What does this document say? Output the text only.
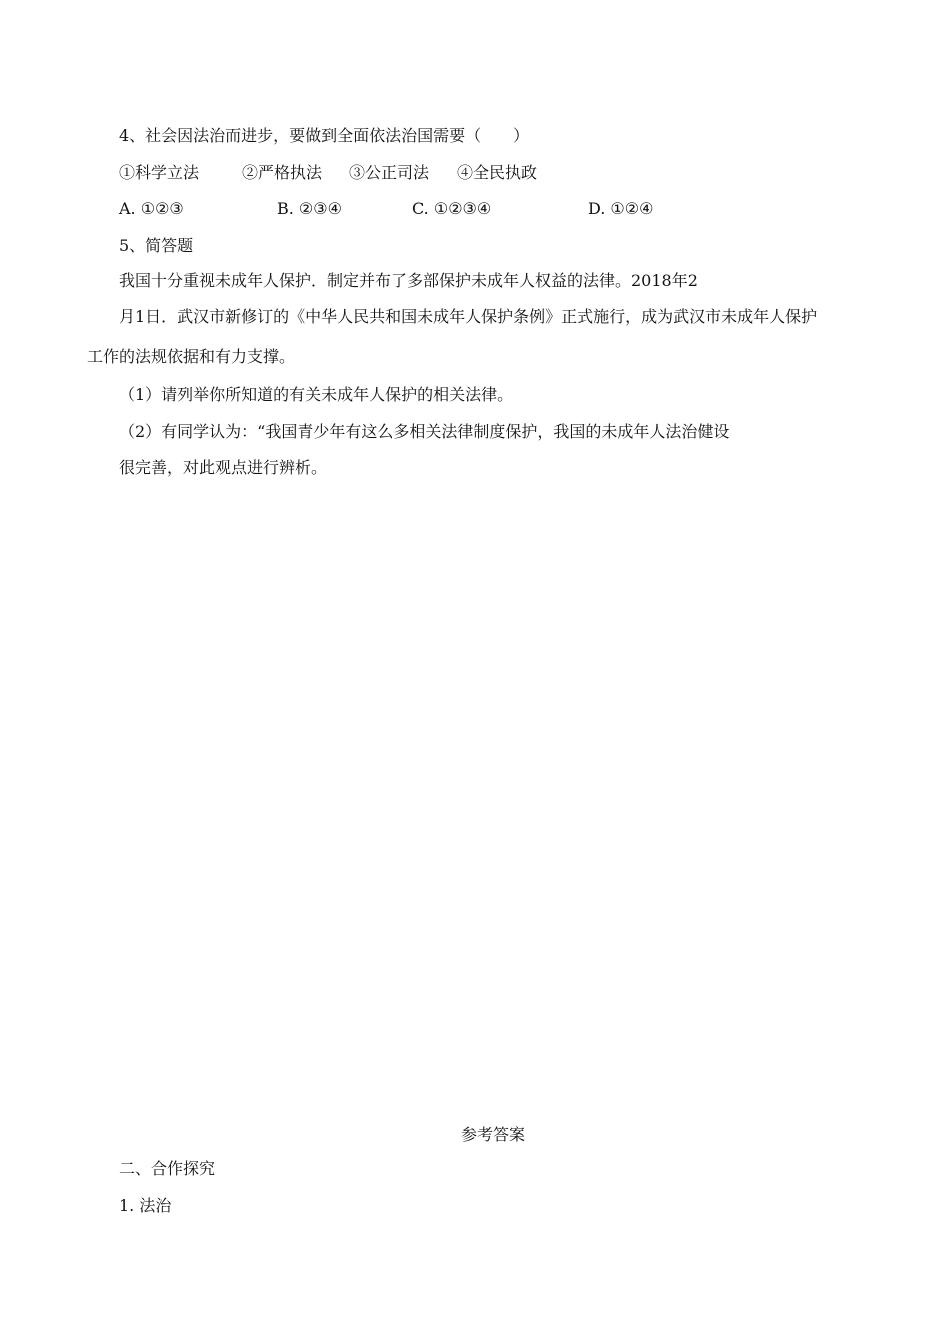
4、社会因法治而进步，要做到全面依法治国需要（　　）
①科学立法	②严格执法 ③公正司法 ④全民执政
A. ①②③	B. ②③④	C. ①②③④	D. ①②④
5、简答题
我国十分重视未成年人保护．制定并布了多部保护未成年人权益的法律。2018年2
月1日．武汉市新修订的《中华人民共和国未成年人保护条例》正式施行，成为武汉市未成年人保护
工作的法规依据和有力支撑。
（1）请列举你所知道的有关未成年人保护的相关法律。
（2）有同学认为：“我国青少年有这么多相关法律制度保护，我国的未成年人法治健设
很完善，对此观点进行辨析。
参考答案
二、合作探究
1. 法治
